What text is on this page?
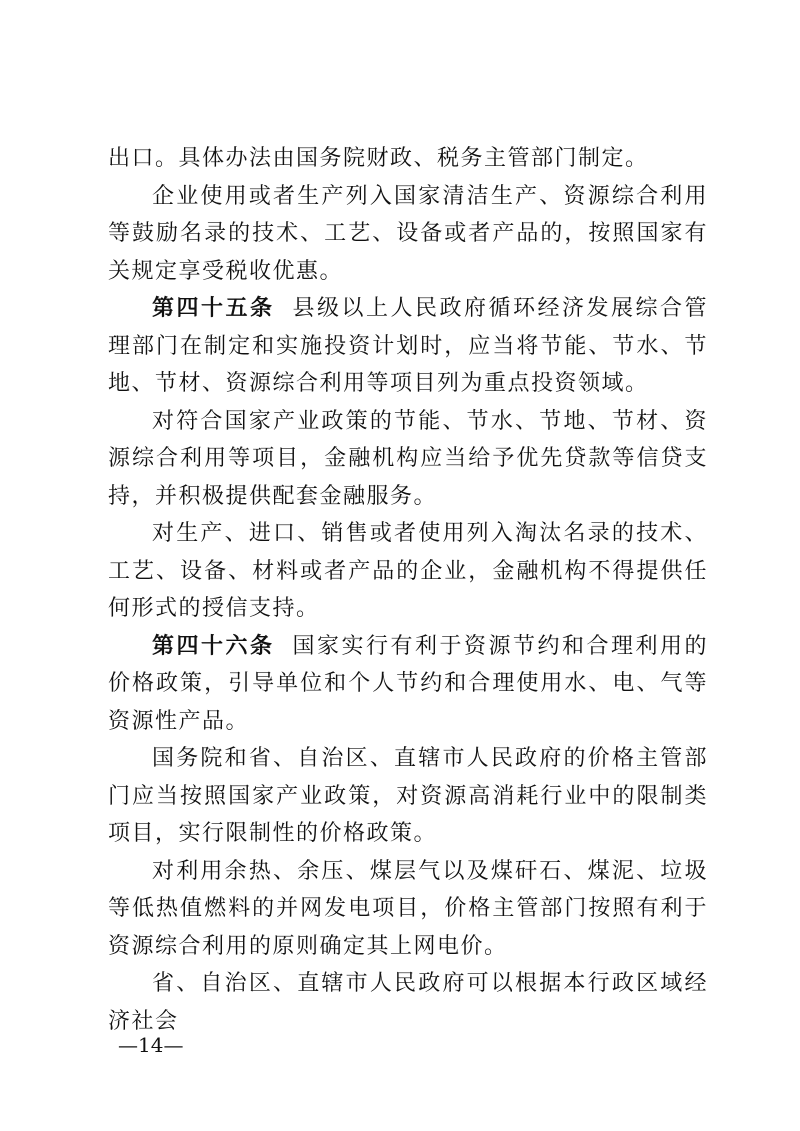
出口。具体办法由国务院财政、税务主管部门制定。

企业使用或者生产列入国家清洁生产、资源综合利用等鼓励名录的技术、工艺、设备或者产品的，按照国家有关规定享受税收优惠。

第四十五条 县级以上人民政府循环经济发展综合管理部门在制定和实施投资计划时，应当将节能、节水、节地、节材、资源综合利用等项目列为重点投资领域。

对符合国家产业政策的节能、节水、节地、节材、资源综合利用等项目，金融机构应当给予优先贷款等信贷支持，并积极提供配套金融服务。

对生产、进口、销售或者使用列入淘汰名录的技术、工艺、设备、材料或者产品的企业，金融机构不得提供任何形式的授信支持。

第四十六条 国家实行有利于资源节约和合理利用的价格政策，引导单位和个人节约和合理使用水、电、气等资源性产品。

国务院和省、自治区、直辖市人民政府的价格主管部门应当按照国家产业政策，对资源高消耗行业中的限制类项目，实行限制性的价格政策。

对利用余热、余压、煤层气以及煤矸石、煤泥、垃圾等低热值燃料的并网发电项目，价格主管部门按照有利于资源综合利用的原则确定其上网电价。

省、自治区、直辖市人民政府可以根据本行政区域经济社会

—14—
